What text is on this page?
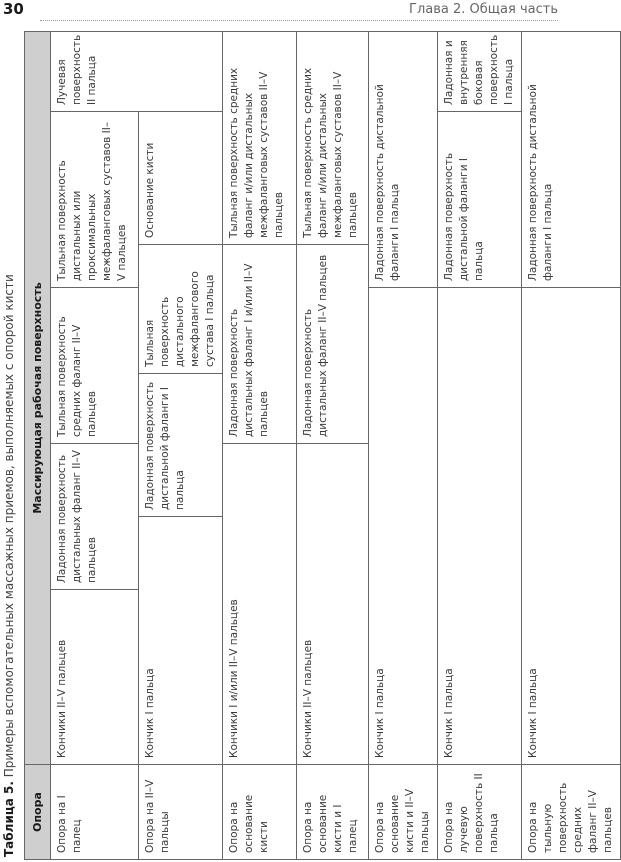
30	Глава 2. Общая часть
Таблица 5. Примеры вспомогательных массажных приемов, выполняемых с опорой кисти
Опора	Массирующая рабочая поверхность							
Опора на I палец	Кончики II–V пальцев	Ладонная поверхность дистальных фаланг II–V пальцев		Тыльная поверхность средних фаланг II–V пальцев		Тыльная поверхность дистальных или проксимальных межфаланговых суставов II–V пальцев		Лучевая поверхность II пальца
Опора на II–V пальцы	Кончик I пальца		Ладонная поверхность дистальной фаланги I пальца		Тыльная поверхность дистального межфалангового сустава I пальца		Основание кисти	
Опора на основание кисти	Кончики I и/или II–V пальцев			Ладонная поверхность дистальных фаланг I и/или II–V пальцев			Тыльная поверхность средних фаланг и/или дистальных межфаланговых суставов II–V пальцев	
Опора на основание кисти и I палец	Кончики II–V пальцев			Ладонная поверхность дистальных фаланг II–V пальцев			Тыльная поверхность средних фаланг и/или дистальных межфаланговых суставов II–V пальцев	
Опора на основание кисти и II–V пальцы	Кончик I пальца					Ладонная поверхность дистальной фаланги I пальца		
Опора на лучевую поверхность II пальца	Кончик I пальца					Ладонная поверхность дистальной фаланги I пальца		Ладонная и внутренняя боковая поверхность I пальца
Опора на тыльную поверхность средних фаланг II–V пальцев	Кончик I пальца					Ладонная поверхность дистальной фаланги I пальца		
